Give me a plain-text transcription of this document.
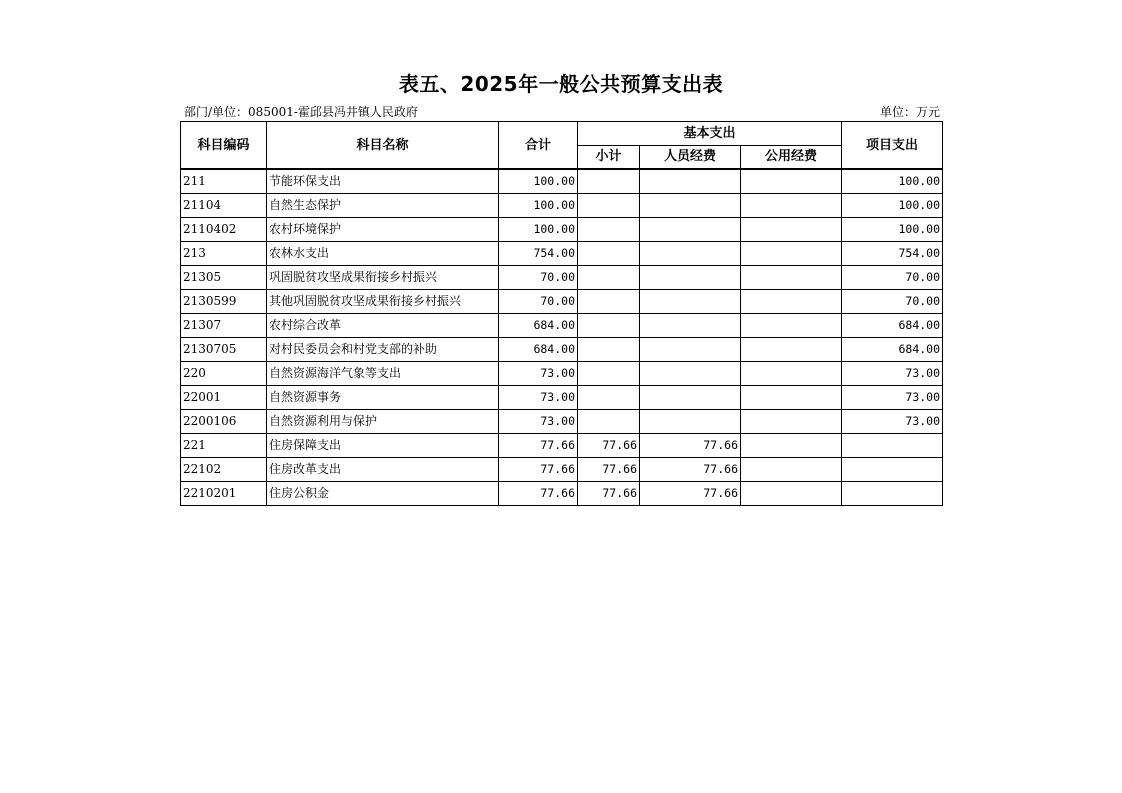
表五、2025年一般公共预算支出表
部门/单位：085001-霍邱县冯井镇人民政府	单位：万元
科目编码	科目名称	合计	基本支出			项目支出
			小计	人员经费	公用经费	
211	节能环保支出	100.00				100.00
21104	自然生态保护	100.00				100.00
2110402	农村环境保护	100.00				100.00
213	农林水支出	754.00				754.00
21305	巩固脱贫攻坚成果衔接乡村振兴	70.00				70.00
2130599	其他巩固脱贫攻坚成果衔接乡村振兴	70.00				70.00
21307	农村综合改革	684.00				684.00
2130705	对村民委员会和村党支部的补助	684.00				684.00
220	自然资源海洋气象等支出	73.00				73.00
22001	自然资源事务	73.00				73.00
2200106	自然资源利用与保护	73.00				73.00
221	住房保障支出	77.66	77.66	77.66		
22102	住房改革支出	77.66	77.66	77.66		
2210201	住房公积金	77.66	77.66	77.66		
